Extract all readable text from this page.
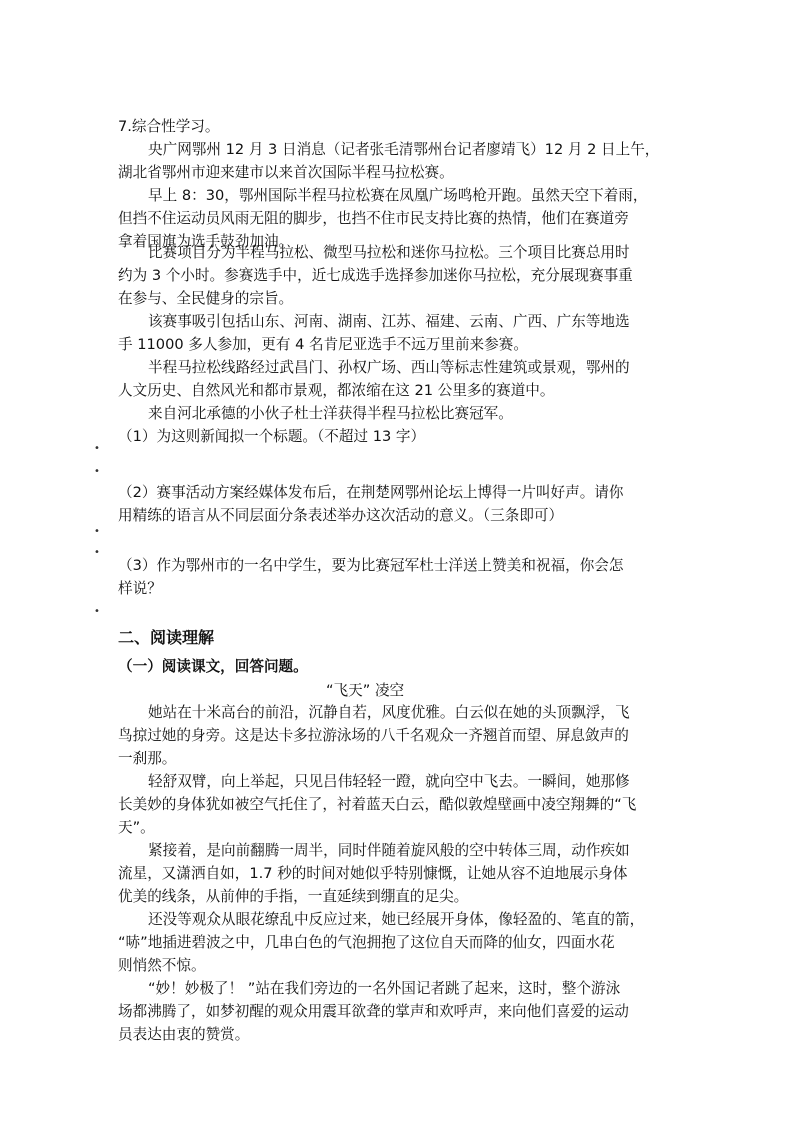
7.综合性学习。
央广网鄂州 12 月 3 日消息（记者张毛清鄂州台记者廖靖飞）12 月 2 日上午，
湖北省鄂州市迎来建市以来首次国际半程马拉松赛。
早上 8：30，鄂州国际半程马拉松赛在凤凰广场鸣枪开跑。虽然天空下着雨，
但挡不住运动员风雨无阻的脚步，也挡不住市民支持比赛的热情，他们在赛道旁
拿着国旗为选手鼓劲加油。
比赛项目分为半程马拉松、微型马拉松和迷你马拉松。三个项目比赛总用时
约为 3 个小时。参赛选手中，近七成选手选择参加迷你马拉松，充分展现赛事重
在参与、全民健身的宗旨。
该赛事吸引包括山东、河南、湖南、江苏、福建、云南、广西、广东等地选
手 11000 多人参加，更有 4 名肯尼亚选手不远万里前来参赛。
半程马拉松线路经过武昌门、孙权广场、西山等标志性建筑或景观，鄂州的
人文历史、自然风光和都市景观，都浓缩在这 21 公里多的赛道中。
来自河北承德的小伙子杜士洋获得半程马拉松比赛冠军。
（1）为这则新闻拟一个标题。（不超过 13 字）
•
•
（2）赛事活动方案经媒体发布后，在荆楚网鄂州论坛上博得一片叫好声。请你
用精练的语言从不同层面分条表述举办这次活动的意义。（三条即可）
•
•
（3）作为鄂州市的一名中学生，要为比赛冠军杜士洋送上赞美和祝福，你会怎
样说？
•
二、阅读理解
（一）阅读课文，回答问题。
“飞天” 凌空
她站在十米高台的前沿，沉静自若，风度优雅。白云似在她的头顶飘浮，飞
鸟掠过她的身旁。这是达卡多拉游泳场的八千名观众一齐翘首而望、屏息敛声的
一刹那。
轻舒双臂，向上举起，只见吕伟轻轻一蹬，就向空中飞去。一瞬间，她那修
长美妙的身体犹如被空气托住了，衬着蓝天白云，酷似敦煌壁画中凌空翔舞的“飞
天”。
紧接着，是向前翻腾一周半，同时伴随着旋风般的空中转体三周，动作疾如
流星，又潇洒自如，1.7 秒的时间对她似乎特别慷慨，让她从容不迫地展示身体
优美的线条，从前伸的手指，一直延续到绷直的足尖。
还没等观众从眼花缭乱中反应过来，她已经展开身体，像轻盈的、笔直的箭，
“哧”地插进碧波之中，几串白色的气泡拥抱了这位自天而降的仙女，四面水花
则悄然不惊。
“妙！妙极了！ ”站在我们旁边的一名外国记者跳了起来，这时，整个游泳
场都沸腾了，如梦初醒的观众用震耳欲聋的掌声和欢呼声，来向他们喜爱的运动
员表达由衷的赞赏。
